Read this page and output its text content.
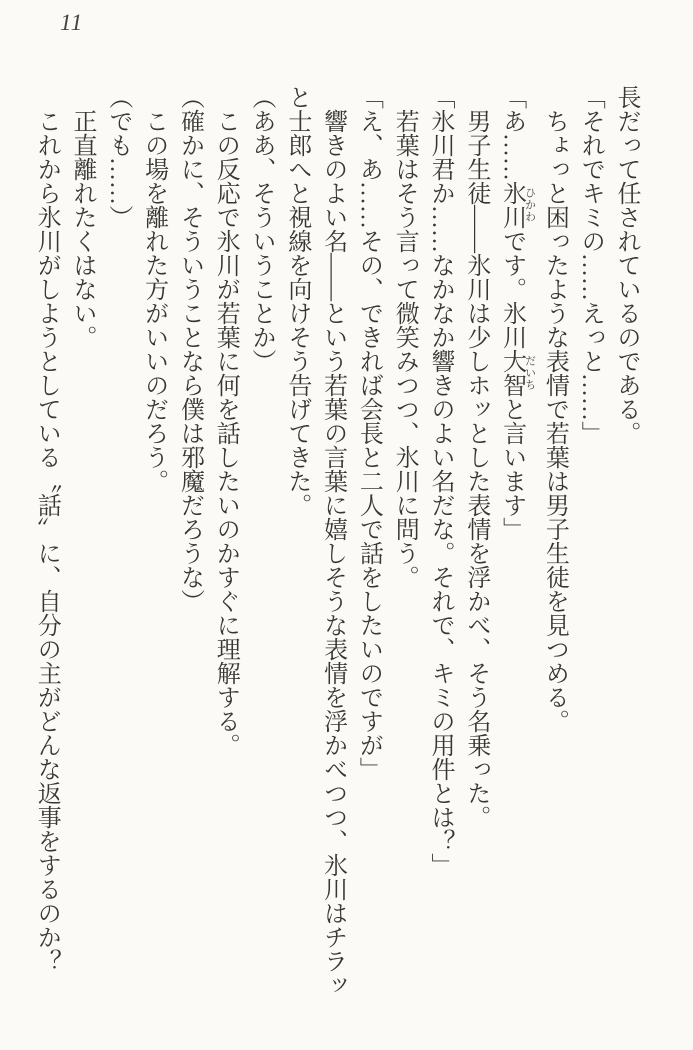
11

長だって任されているのである。

「それでキミの……えっと……」

　ちょっと困ったような表情で若葉は男子生徒を見つめる。

「あ……氷川 ひかわです。氷川大智 だいちと言います」

　男子生徒――氷川は少しホッとした表情を浮かべ、そう名乗った。

「氷川君か……なかなか響きのよい名だな。それで、キミの用件とは？」

　若葉はそう言って微笑みつつ、氷川に問う。

「え、あ……その、できれば会長と二人で話をしたいのですが」

　響きのよい名――という若葉の言葉に嬉しそうな表情を浮かべつつ、氷川はチラッと士郎へと視線を向けそう告げてきた。

（ああ、そういうことか）

　この反応で氷川が若葉に何を話したいのかすぐに理解する。

（確かに、そういうことなら僕は邪魔だろうな）

　この場を離れた方がいいのだろう。

（でも……）

　正直離れたくはない。

　これから氷川がしようとしている〝話〟に、自分の主がどんな返事をするのか？
